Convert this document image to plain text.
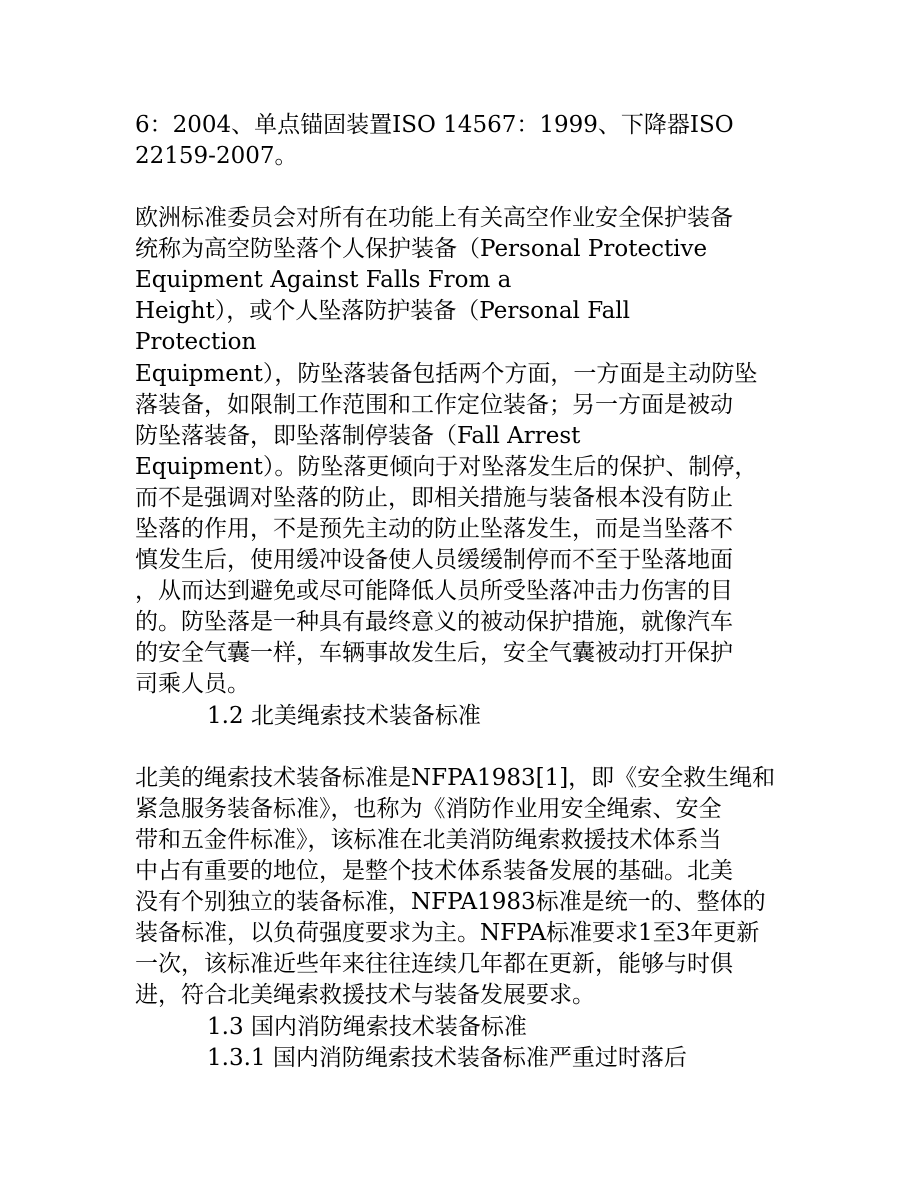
6：2004、单点锚固装置ISO 14567：1999、下降器ISO
22159-2007。
欧洲标准委员会对所有在功能上有关高空作业安全保护装备
统称为高空防坠落个人保护装备（Personal Protective
Equipment Against Falls From a
Height），或个人坠落防护装备（Personal Fall
Protection
Equipment），防坠落装备包括两个方面，一方面是主动防坠
落装备，如限制工作范围和工作定位装备；另一方面是被动
防坠落装备，即坠落制停装备（Fall Arrest
Equipment）。防坠落更倾向于对坠落发生后的保护、制停，
而不是强调对坠落的防止，即相关措施与装备根本没有防止
坠落的作用，不是预先主动的防止坠落发生，而是当坠落不
慎发生后，使用缓冲设备使人员缓缓制停而不至于坠落地面
，从而达到避免或尽可能降低人员所受坠落冲击力伤害的目
的。防坠落是一种具有最终意义的被动保护措施，就像汽车
的安全气囊一样，车辆事故发生后，安全气囊被动打开保护
司乘人员。
1.2 北美绳索技术装备标准
北美的绳索技术装备标准是NFPA1983[1]，即《安全救生绳和
紧急服务装备标准》，也称为《消防作业用安全绳索、安全
带和五金件标准》，该标准在北美消防绳索救援技术体系当
中占有重要的地位，是整个技术体系装备发展的基础。北美
没有个别独立的装备标准，NFPA1983标准是统一的、整体的
装备标准，以负荷强度要求为主。NFPA标准要求1至3年更新
一次，该标准近些年来往往连续几年都在更新，能够与时俱
进，符合北美绳索救援技术与装备发展要求。
1.3 国内消防绳索技术装备标准
1.3.1 国内消防绳索技术装备标准严重过时落后
